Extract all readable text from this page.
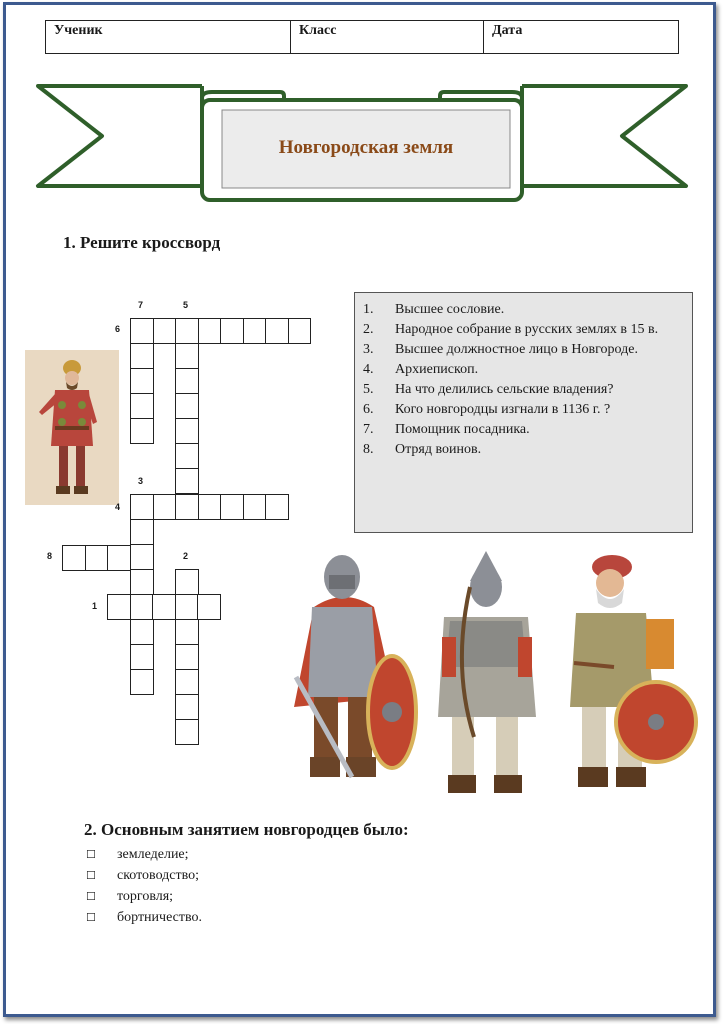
Ученик	Класс	Дата
Новгородская земля
1. Решите кроссворд
7	5
6
3
4
8	2
1
1.	Высшее сословие.
2.	Народное собрание в русских землях в 15 в.
3.	Высшее должностное лицо в Новгороде.
4.	Архиепископ.
5.	На что делились сельские владения?
6.	Кого новгородцы изгнали в 1136 г. ?
7.	Помощник посадника.
8.	Отряд воинов.
2. Основным занятием новгородцев было:
☐	земледелие;
☐	скотоводство;
☐	торговля;
☐	бортничество.
